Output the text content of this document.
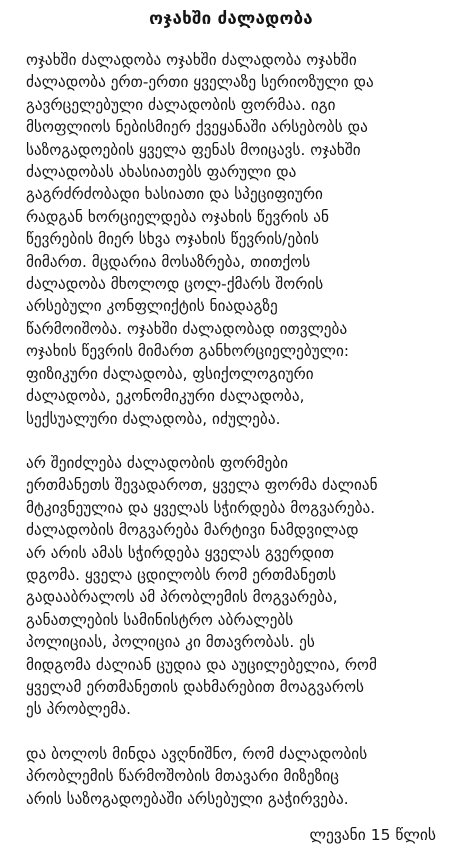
ოჯახში ძალადობა
ოჯახში ძალადობა ოჯახში ძალადობა ოჯახში
ძალადობა ერთ-ერთი ყველაზე სერიოზული და
გავრცელებული ძალადობის ფორმაა. იგი
მსოფლიოს ნებისმიერ ქვეყანაში არსებობს და
საზოგადოების ყველა ფენას მოიცავს. ოჯახში
ძალადობას ახასიათებს ფარული და
გაგრძრძობადი ხასიათი და სპეციფიური
რადგან ხორციელდება ოჯახის წევრის ან
წევრების მიერ სხვა ოჯახის წევრის/ების
მიმართ. მცდარია მოსაზრება, თითქოს
ძალადობა მხოლოდ ცოლ-ქმარს შორის
არსებული კონფლიქტის ნიადაგზე
წარმოიშობა. ოჯახში ძალადობად ითვლება
ოჯახის წევრის მიმართ განხორციელებული:
ფიზიკური ძალადობა, ფსიქოლოგიური
ძალადობა, ეკონომიკური ძალადობა,
სექსუალური ძალადობა, იძულება.
არ შეიძლება ძალადობის ფორმები
ერთმანეთს შევადაროთ, ყველა ფორმა ძალიან
მტკივნეულია და ყველას სჭირდება მოგვარება.
ძალადობის მოგვარება მარტივი ნამდვილად
არ არის ამას სჭირდება ყველას გვერდით
დგომა. ყველა ცდილობს რომ ერთმანეთს
გადააბრალოს ამ პრობლემის მოგვარება,
განათლების სამინისტრო აბრალებს
პოლიციას, პოლიცია კი მთავრობას. ეს
მიდგომა ძალიან ცუდია და აუცილებელია, რომ
ყველამ ერთმანეთის დახმარებით მოაგვაროს
ეს პრობლემა.
და ბოლოს მინდა ავღნიშნო, რომ ძალადობის
პრობლემის წარმოშობის მთავარი მიზეზიც
არის საზოგადოებაში არსებული გაჭირვება.
ლევანი 15 წლის
